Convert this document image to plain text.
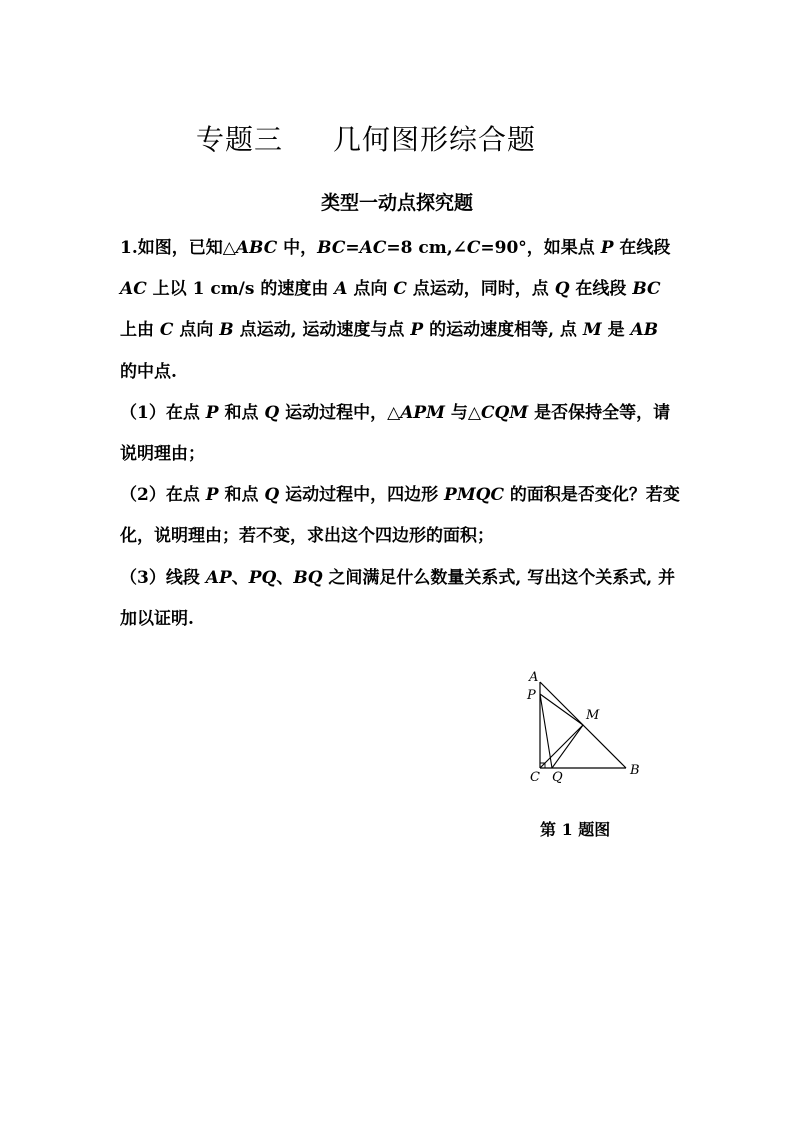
专题三 几何图形综合题
类型一动点探究题

1.如图，已知△ABC 中，BC=AC=8 cm,∠C=90°，如果点 P 在线段 AC 上以 1 cm/s 的速度由 A 点向 C 点运动，同时，点 Q 在线段 BC 上由 C 点向 B 点运动, 运动速度与点 P 的运动速度相等, 点 M 是 AB 的中点.

（1）在点 P 和点 Q 运动过程中，△APM 与△CQM 是否保持全等，请说明理由；

（2）在点 P 和点 Q 运动过程中，四边形 PMQC 的面积是否变化？若变化，说明理由；若不变，求出这个四边形的面积；

（3）线段 AP、PQ、BQ 之间满足什么数量关系式, 写出这个关系式, 并加以证明.

A
P
M
C Q	B
第 1 题图
